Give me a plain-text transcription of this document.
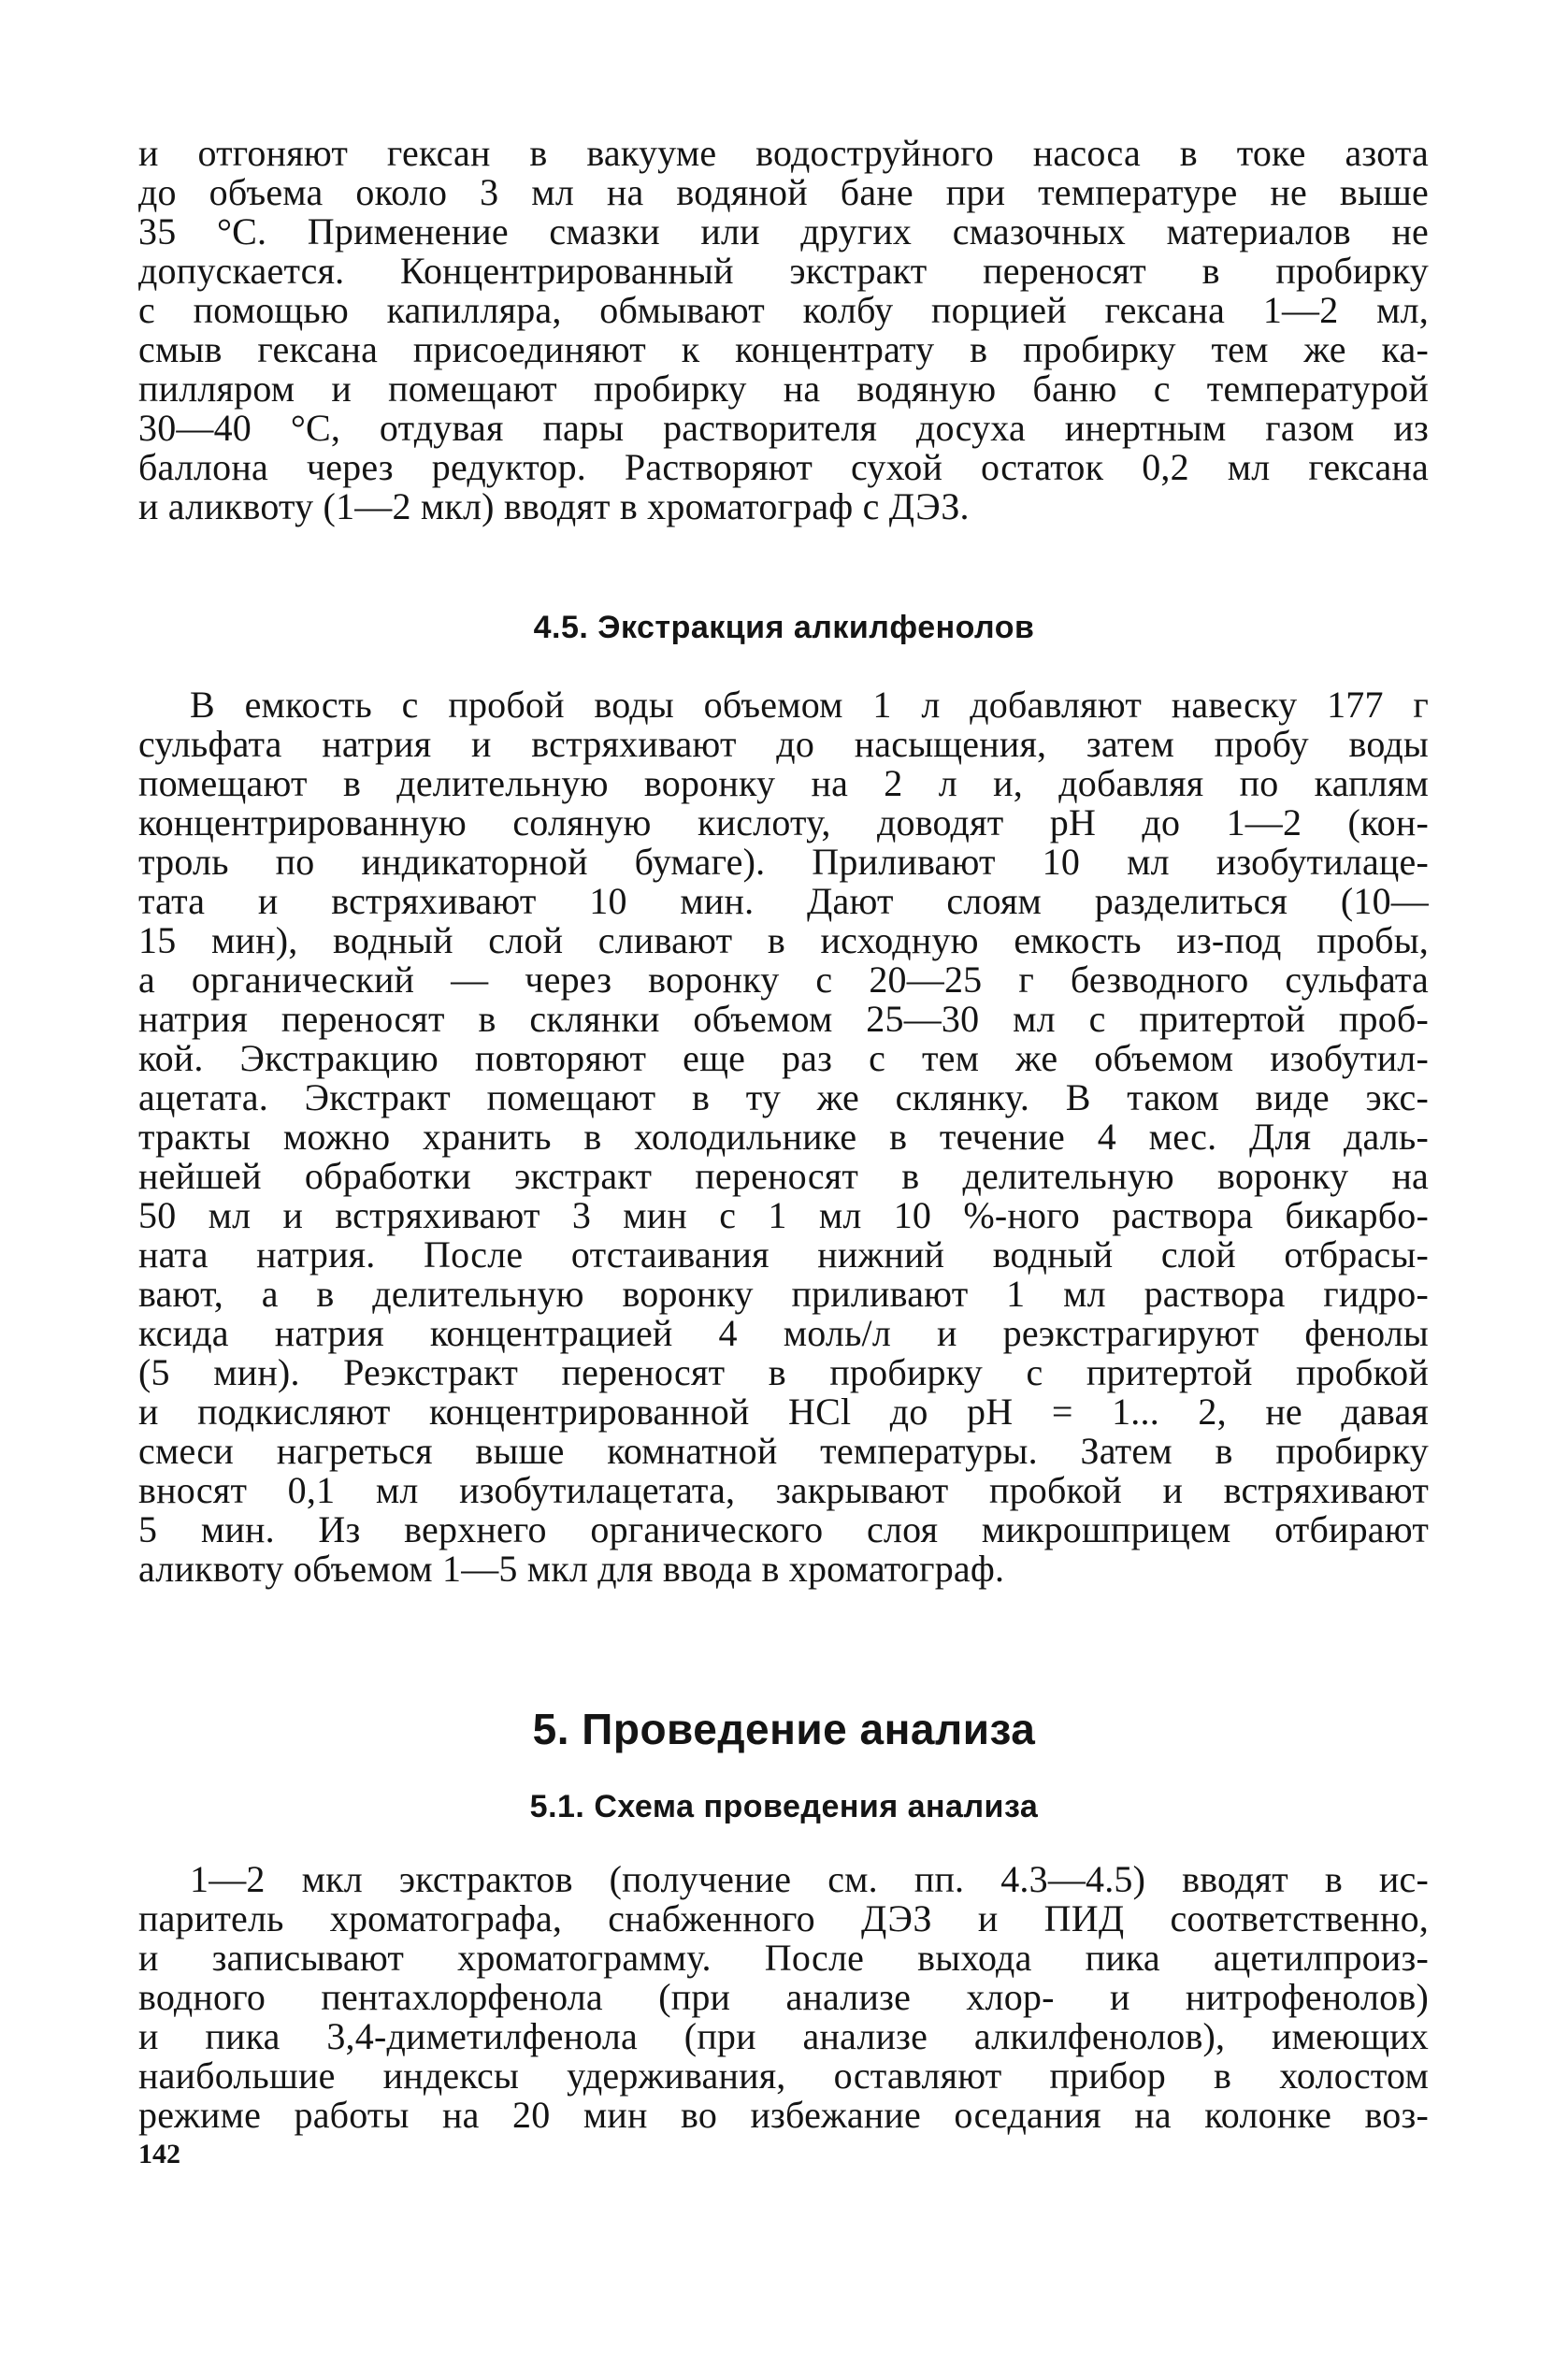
и отгоняют гексан в вакууме водоструйного насоса в токе азота
до объема около 3 мл на водяной бане при температуре не выше
35 °С. Применение смазки или других смазочных материалов не
допускается. Концентрированный экстракт переносят в пробирку
с помощью капилляра, обмывают колбу порцией гексана 1—2 мл,
смыв гексана присоединяют к концентрату в пробирку тем же ка-
пилляром и помещают пробирку на водяную баню с температурой
30—40 °С, отдувая пары растворителя досуха инертным газом из
баллона через редуктор. Растворяют сухой остаток 0,2 мл гексана
и аликвоту (1—2 мкл) вводят в хроматограф с ДЭЗ.
4.5. Экстракция алкилфенолов
В емкость с пробой воды объемом 1 л добавляют навеску 177 г
сульфата натрия и встряхивают до насыщения, затем пробу воды
помещают в делительную воронку на 2 л и, добавляя по каплям
концентрированную соляную кислоту, доводят рН до 1—2 (кон-
троль по индикаторной бумаге). Приливают 10 мл изобутилаце-
тата и встряхивают 10 мин. Дают слоям разделиться (10—
15 мин), водный слой сливают в исходную емкость из-под пробы,
а органический — через воронку с 20—25 г безводного сульфата
натрия переносят в склянки объемом 25—30 мл с притертой проб-
кой. Экстракцию повторяют еще раз с тем же объемом изобутил-
ацетата. Экстракт помещают в ту же склянку. В таком виде экс-
тракты можно хранить в холодильнике в течение 4 мес. Для даль-
нейшей обработки экстракт переносят в делительную воронку на
50 мл и встряхивают 3 мин с 1 мл 10 %-ного раствора бикарбо-
ната натрия. После отстаивания нижний водный слой отбрасы-
вают, а в делительную воронку приливают 1 мл раствора гидро-
ксида натрия концентрацией 4 моль/л и реэкстрагируют фенолы
(5 мин). Реэкстракт переносят в пробирку с притертой пробкой
и подкисляют концентрированной HCl до рН = 1... 2, не давая
смеси нагреться выше комнатной температуры. Затем в пробирку
вносят 0,1 мл изобутилацетата, закрывают пробкой и встряхивают
5 мин. Из верхнего органического слоя микрошприцем отбирают
аликвоту объемом 1—5 мкл для ввода в хроматограф.
5. Проведение анализа
5.1. Схема проведения анализа
1—2 мкл экстрактов (получение см. пп. 4.3—4.5) вводят в ис-
паритель хроматографа, снабженного ДЭЗ и ПИД соответственно,
и записывают хроматограмму. После выхода пика ацетилпроиз-
водного пентахлорфенола (при анализе хлор- и нитрофенолов)
и пика 3,4-диметилфенола (при анализе алкилфенолов), имеющих
наибольшие индексы удерживания, оставляют прибор в холостом
режиме работы на 20 мин во избежание оседания на колонке воз-
142
